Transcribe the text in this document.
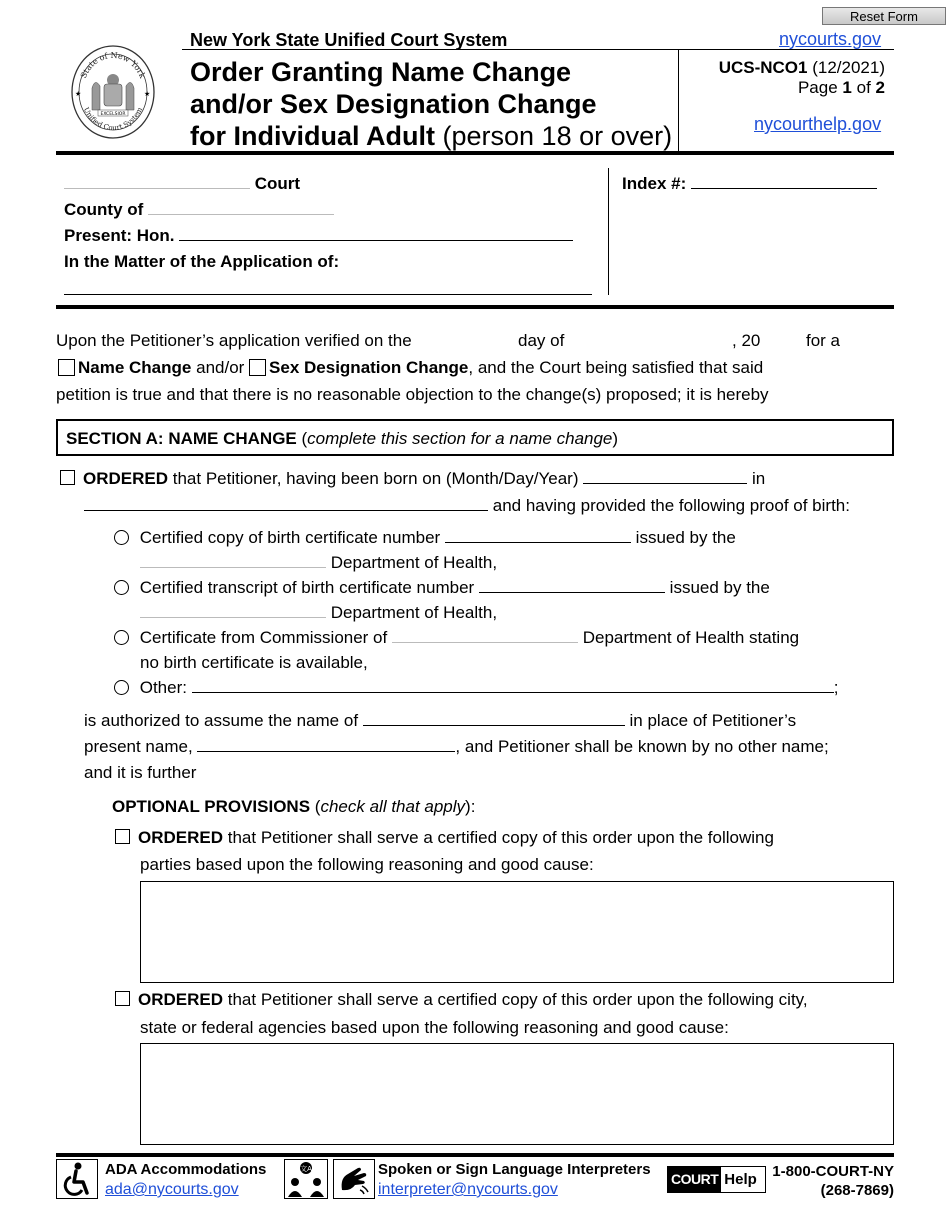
Reset Form
State of New York
Unified Court System
EXCELSIOR
★	★
New York State Unified Court System
Order Granting Name Change
and/or Sex Designation Change
for Individual Adult (person 18 or over)
nycourts.gov
UCS-NCO1 (12/2021)
Page 1 of 2
nycourthelp.gov
Court
County of
Present: Hon.
In the Matter of the Application of:
Index #:
Upon the Petitioner’s application verified on the	day of	, 20	for a
Name Change and/or Sex Designation Change, and the Court being satisfied that said
petition is true and that there is no reasonable objection to the change(s) proposed; it is hereby
SECTION A: NAME CHANGE (complete this section for a name change)
ORDERED that Petitioner, having been born on (Month/Day/Year)	in
and having provided the following proof of birth:
Certified copy of birth certificate number	issued by the
Department of Health,
Certified transcript of birth certificate number	issued by the
Department of Health,
Certificate from Commissioner of	Department of Health stating
no birth certificate is available,
Other:	;
is authorized to assume the name of	in place of Petitioner’s
present name,	, and Petitioner shall be known by no other name;
and it is further
OPTIONAL PROVISIONS (check all that apply):
ORDERED that Petitioner shall serve a certified copy of this order upon the following
parties based upon the following reasoning and good cause:
ORDERED that Petitioner shall serve a certified copy of this order upon the following city,
state or federal agencies based upon the following reasoning and good cause:
ADA Accommodations
ada@nycourts.gov
文A	Spoken or Sign Language Interpreters
interpreter@nycourts.gov
COURT Help 1-800-COURT-NY
(268-7869)
